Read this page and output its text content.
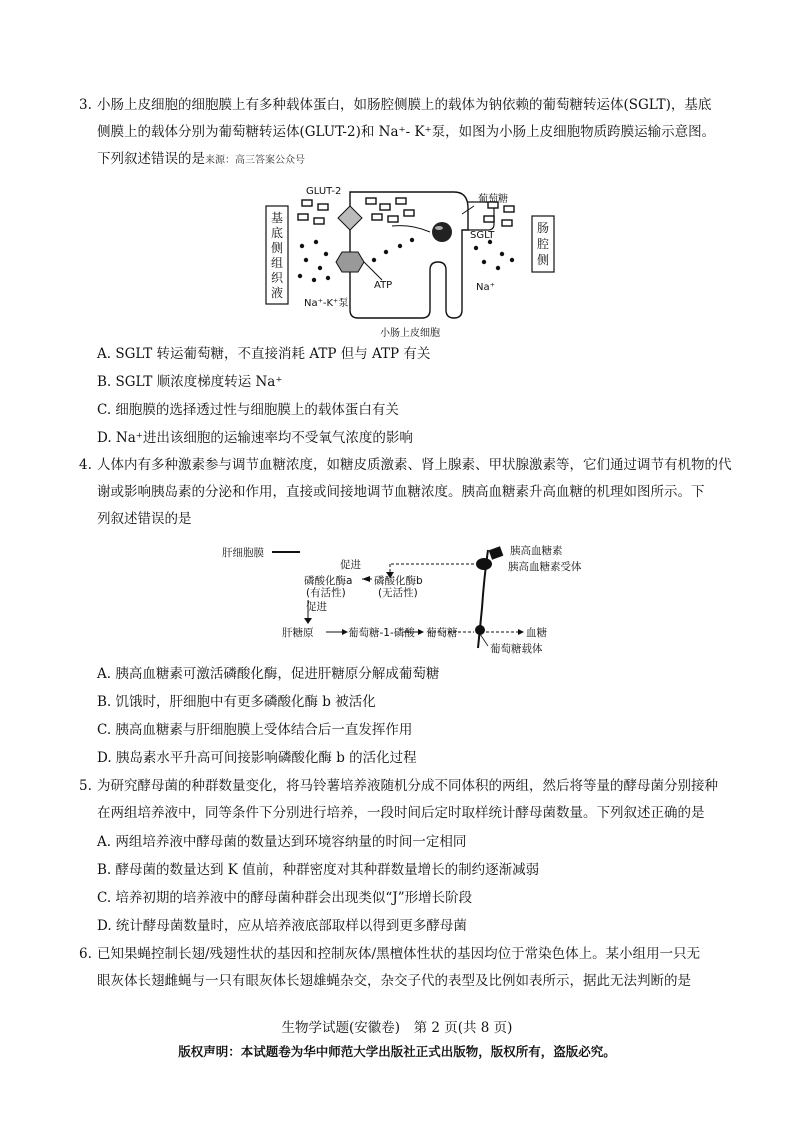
3. 小肠上皮细胞的细胞膜上有多种载体蛋白，如肠腔侧膜上的载体为钠依赖的葡萄糖转运体(SGLT)，基底

侧膜上的载体分别为葡萄糖转运体(GLUT-2)和 Na⁺- K⁺泵，如图为小肠上皮细胞物质跨膜运输示意图。

下列叙述错误的是来源：高三答案公众号

基
底
侧
组
织
液
肠
腔
侧
GLUT-2
葡萄糖
SGLT
ATP
Na⁺-K⁺泵
Na⁺
小肠上皮细胞
A. SGLT 转运葡萄糖，不直接消耗 ATP 但与 ATP 有关
B. SGLT 顺浓度梯度转运 Na⁺
C. 细胞膜的选择透过性与细胞膜上的载体蛋白有关
D. Na⁺进出该细胞的运输速率均不受氧气浓度的影响
4. 人体内有多种激素参与调节血糖浓度，如糖皮质激素、肾上腺素、甲状腺激素等，它们通过调节有机物的代

谢或影响胰岛素的分泌和作用，直接或间接地调节血糖浓度。胰高血糖素升高血糖的机理如图所示。下

列叙述错误的是

肝细胞膜	胰高血糖素
胰高血糖素受体
促进
磷酸化酶a
(有活性)
磷酸化酶b
(无活性)
促进
肝糖原	葡萄糖-1-磷酸 葡萄糖	血糖
葡萄糖载体
A. 胰高血糖素可激活磷酸化酶，促进肝糖原分解成葡萄糖
B. 饥饿时，肝细胞中有更多磷酸化酶 b 被活化
C. 胰高血糖素与肝细胞膜上受体结合后一直发挥作用
D. 胰岛素水平升高可间接影响磷酸化酶 b 的活化过程
5. 为研究酵母菌的种群数量变化，将马铃薯培养液随机分成不同体积的两组，然后将等量的酵母菌分别接种

在两组培养液中，同等条件下分别进行培养，一段时间后定时取样统计酵母菌数量。下列叙述正确的是

A. 两组培养液中酵母菌的数量达到环境容纳量的时间一定相同
B. 酵母菌的数量达到 K 值前，种群密度对其种群数量增长的制约逐渐减弱
C. 培养初期的培养液中的酵母菌种群会出现类似“J”形增长阶段
D. 统计酵母菌数量时，应从培养液底部取样以得到更多酵母菌
6. 已知果蝇控制长翅/残翅性状的基因和控制灰体/黑檀体性状的基因均位于常染色体上。某小组用一只无

眼灰体长翅雌蝇与一只有眼灰体长翅雄蝇杂交，杂交子代的表型及比例如表所示，据此无法判断的是

生物学试题(安徽卷)　第 2 页(共 8 页)
版权声明：本试题卷为华中师范大学出版社正式出版物，版权所有，盗版必究。
